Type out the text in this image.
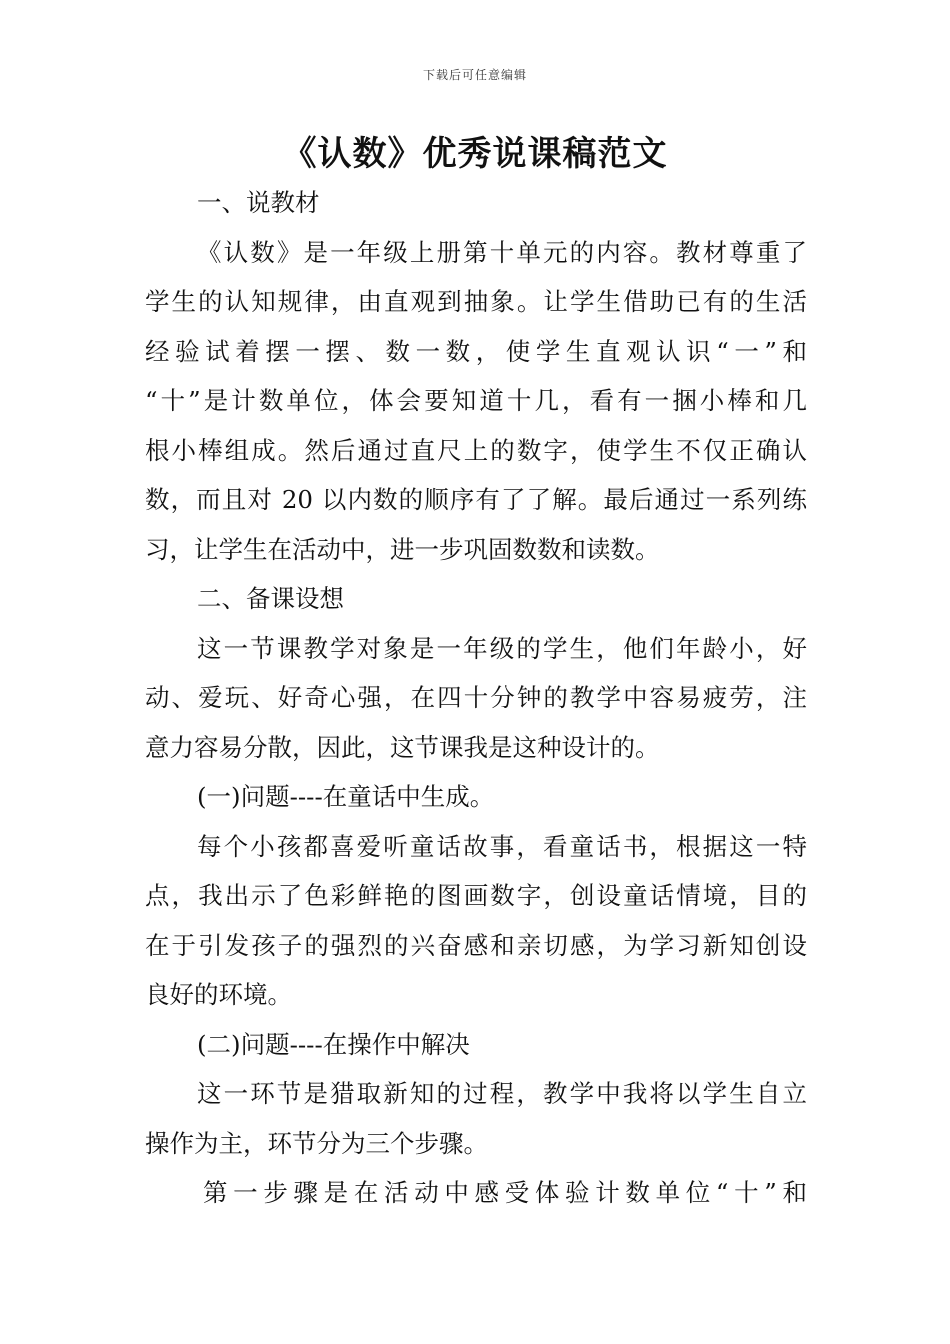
下载后可任意编辑
《认数》优秀说课稿范文
一、说教材
《认数》是一年级上册第十单元的内容。教材尊重了
学生的认知规律，由直观到抽象。让学生借助已有的生活
经验试着摆一摆、数一数，使学生直观认识“一”和
“十”是计数单位，体会要知道十几，看有一捆小棒和几
根小棒组成。然后通过直尺上的数字，使学生不仅正确认
数，而且对 20 以内数的顺序有了了解。最后通过一系列练
习，让学生在活动中，进一步巩固数数和读数。
二、备课设想
这一节课教学对象是一年级的学生，他们年龄小，好
动、爱玩、好奇心强，在四十分钟的教学中容易疲劳，注
意力容易分散，因此，这节课我是这种设计的。
(一)问题----在童话中生成。
每个小孩都喜爱听童话故事，看童话书，根据这一特
点，我出示了色彩鲜艳的图画数字，创设童话情境，目的
在于引发孩子的强烈的兴奋感和亲切感，为学习新知创设
良好的环境。
(二)问题----在操作中解决
这一环节是猎取新知的过程，教学中我将以学生自立
操作为主，环节分为三个步骤。
第一步骤是在活动中感受体验计数单位“十”和
